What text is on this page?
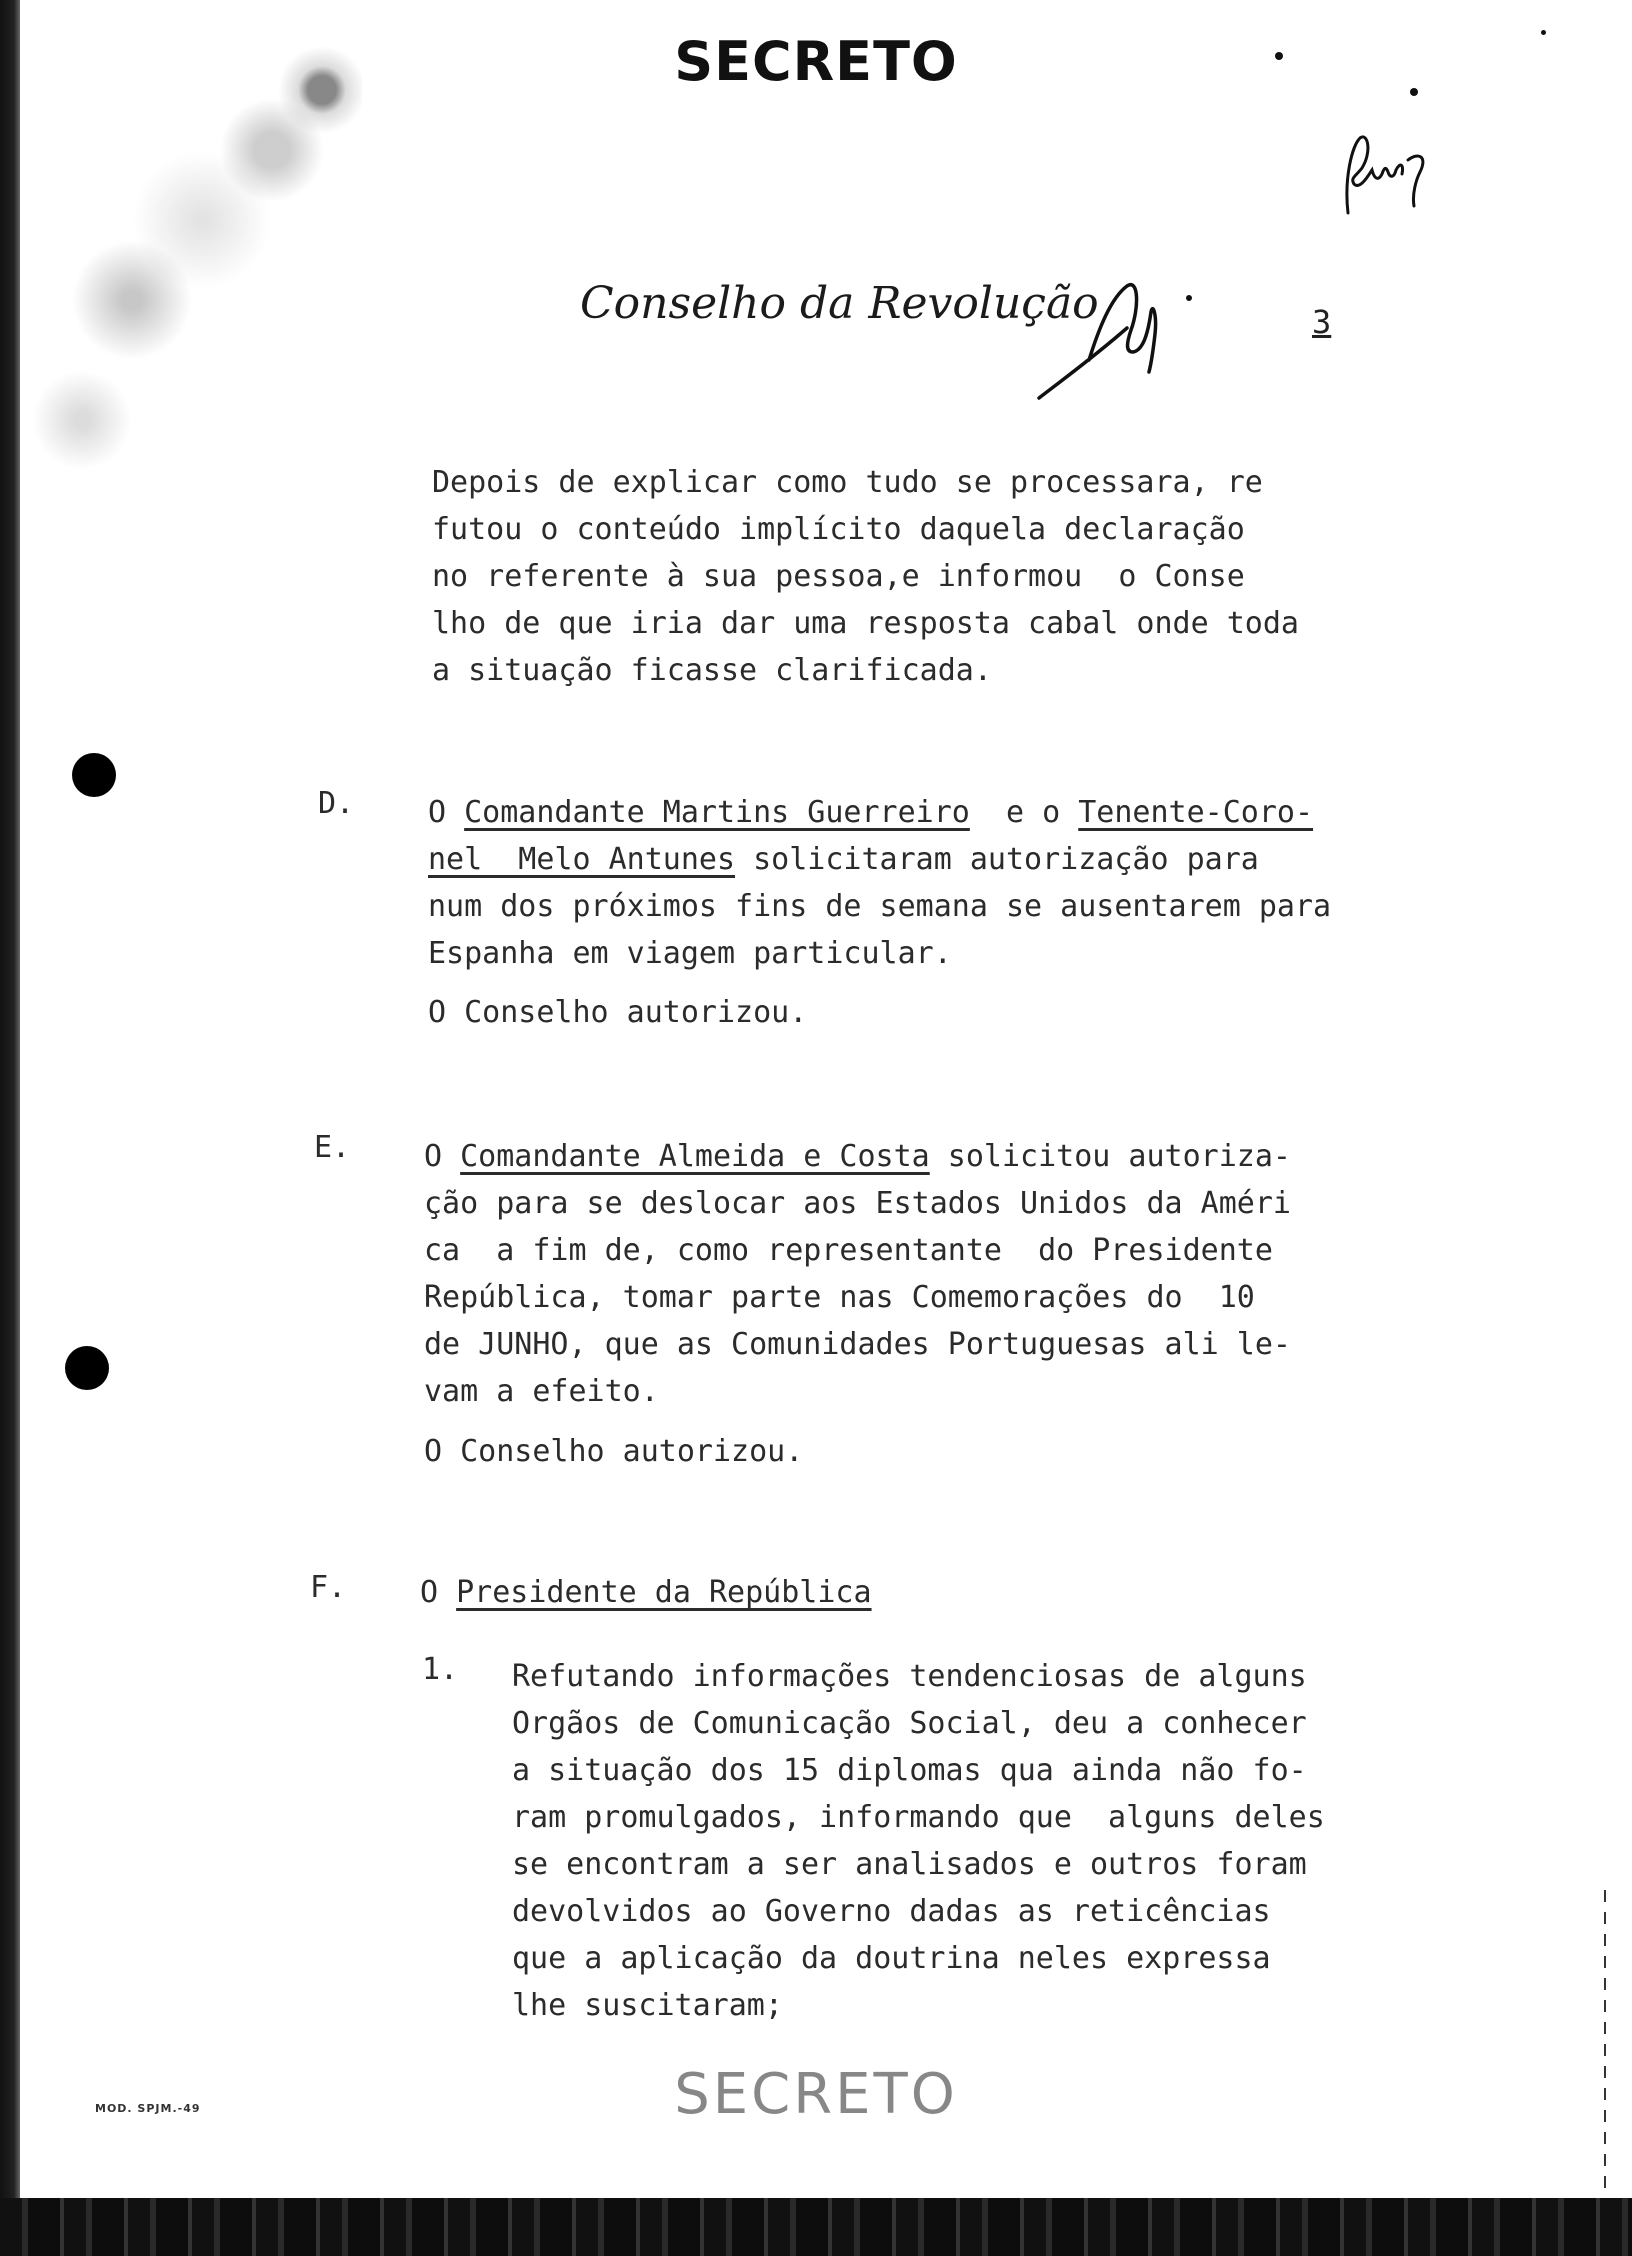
SECRETO
Conselho da Revolução	3
Depois de explicar como tudo se processara, re
futou o conteúdo implícito daquela declaração
no referente à sua pessoa,e informou  o Conse
lho de que iria dar uma resposta cabal onde toda
a situação ficasse clarificada.
D. O Comandante Martins Guerreiro  e o Tenente-Coro-
nel  Melo Antunes solicitaram autorização para
num dos próximos fins de semana se ausentarem para
Espanha em viagem particular.
O Conselho autorizou.
E. O Comandante Almeida e Costa solicitou autoriza-
ção para se deslocar aos Estados Unidos da Améri
ca  a fim de, como representante  do Presidente
República, tomar parte nas Comemorações do  10
de JUNHO, que as Comunidades Portuguesas ali le-
vam a efeito.
O Conselho autorizou.
F. O Presidente da República
1. Refutando informações tendenciosas de alguns
Orgãos de Comunicação Social, deu a conhecer
a situação dos 15 diplomas qua ainda não fo-
ram promulgados, informando que  alguns deles
se encontram a ser analisados e outros foram
devolvidos ao Governo dadas as reticências
que a aplicação da doutrina neles expressa
lhe suscitaram;
SECRETO
MOD. SPJM.-49
